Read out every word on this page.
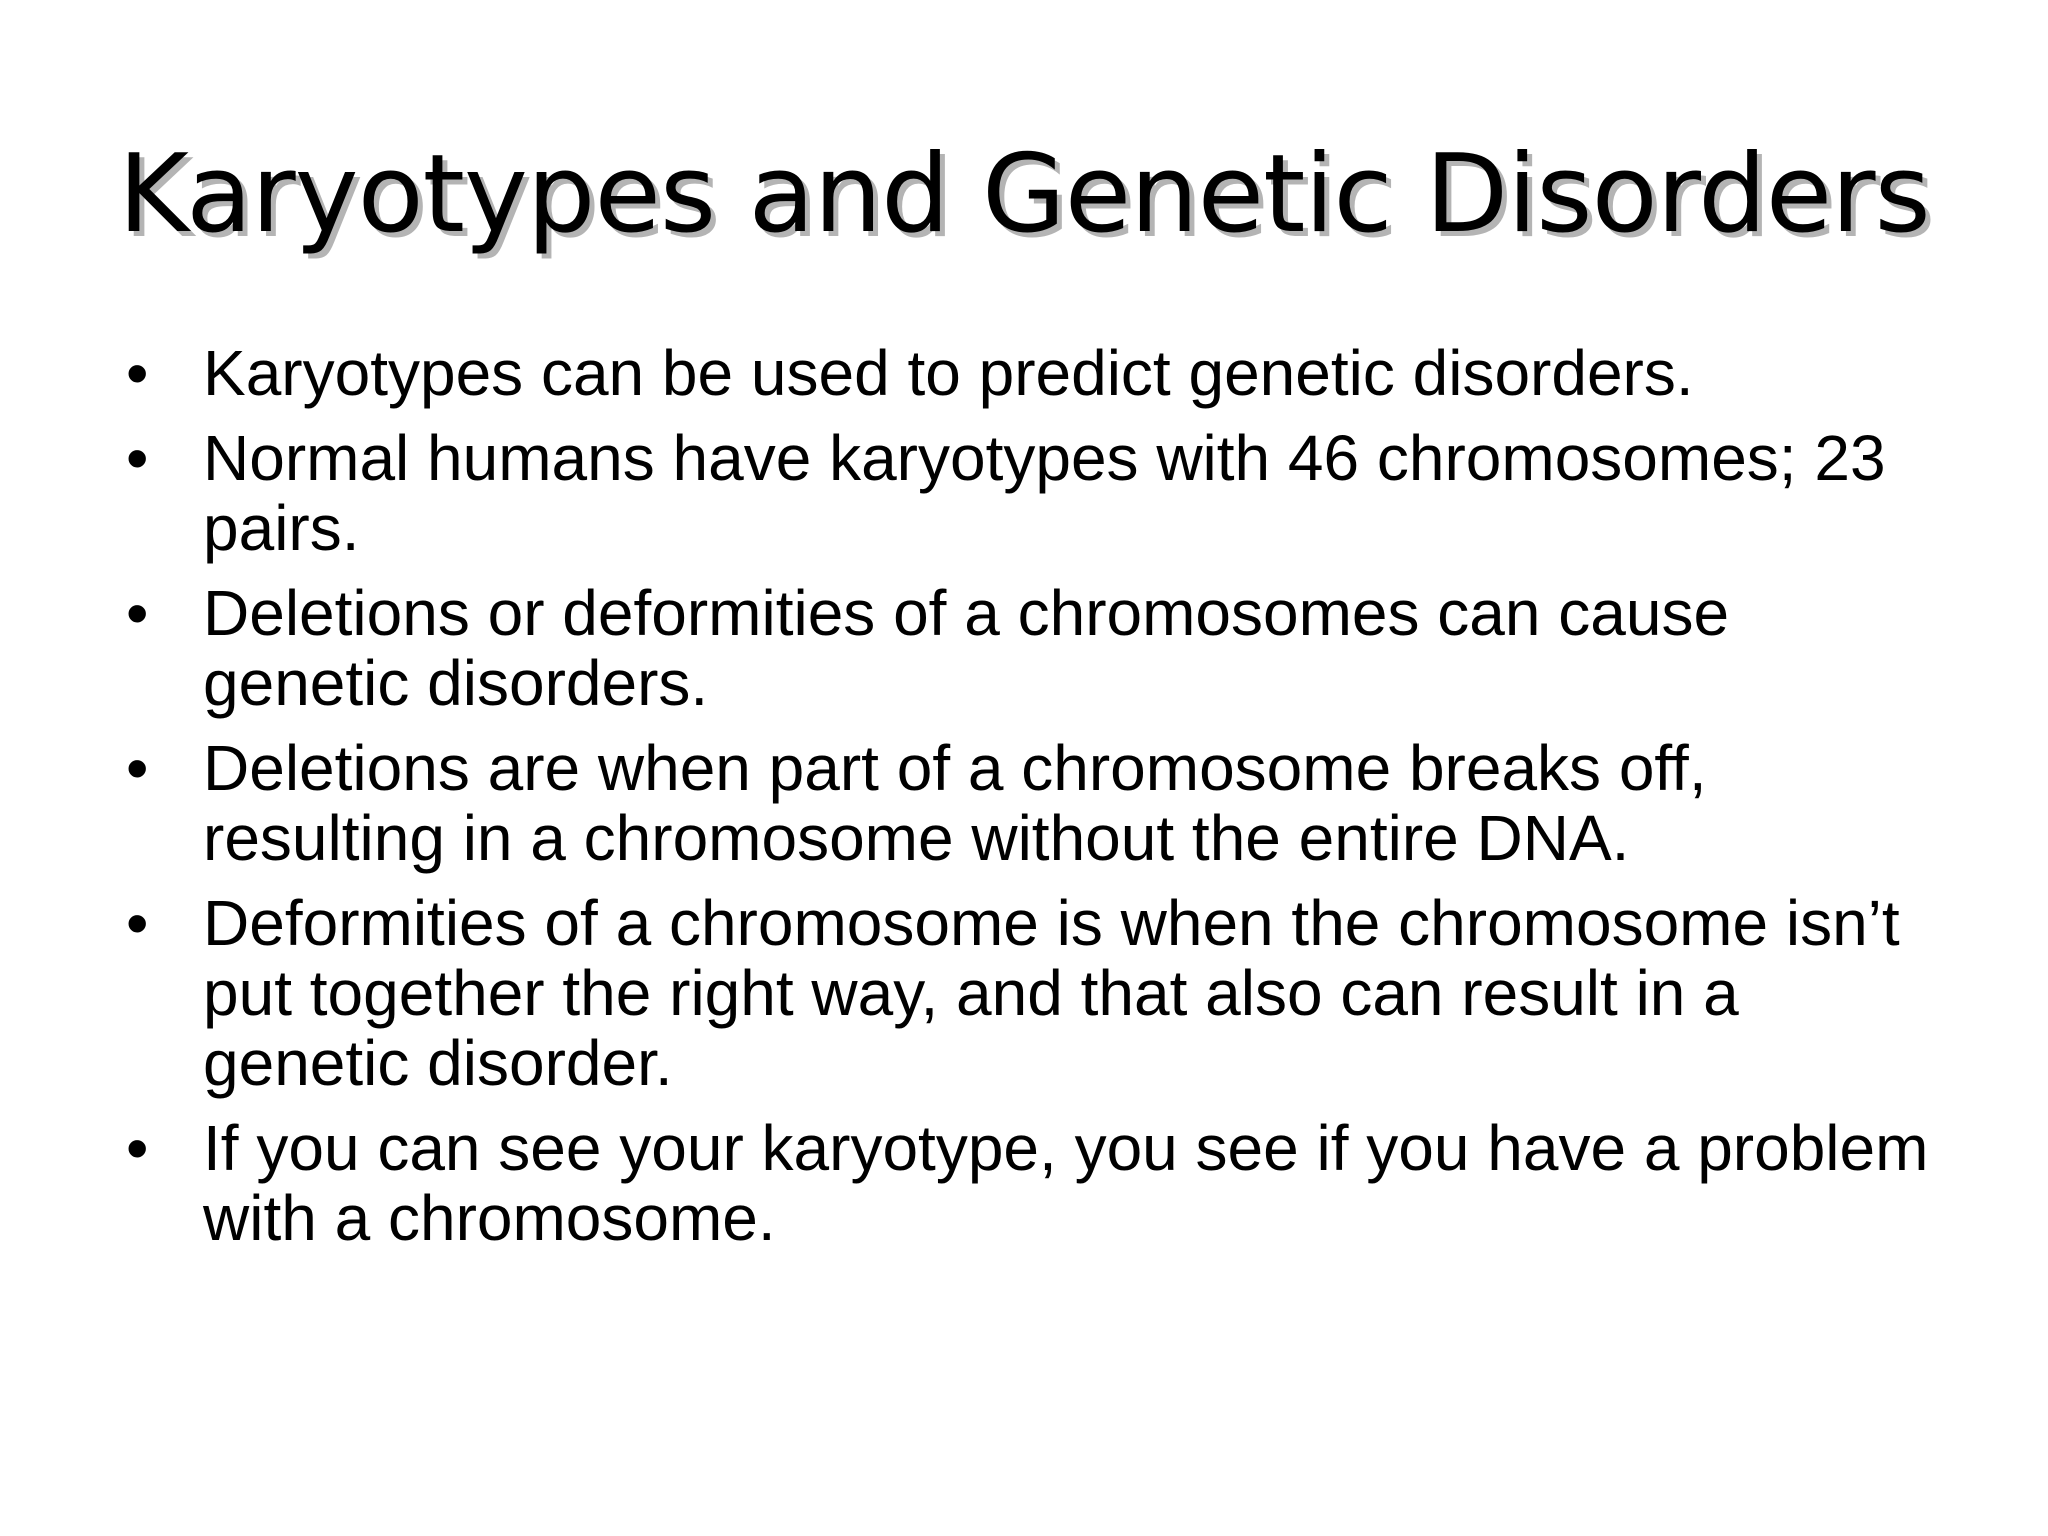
Karyotypes and Genetic Disorders
• Karyotypes can be used to predict genetic disorders.
• Normal humans have karyotypes with 46 chromosomes; 23 pairs.
• Deletions or deformities of a chromosomes can cause genetic disorders.
• Deletions are when part of a chromosome breaks off, resulting in a chromosome without the entire DNA.
• Deformities of a chromosome is when the chromosome isn’t put together the right way, and that also can result in a genetic disorder.
• If you can see your karyotype, you see if you have a problem with a chromosome.
